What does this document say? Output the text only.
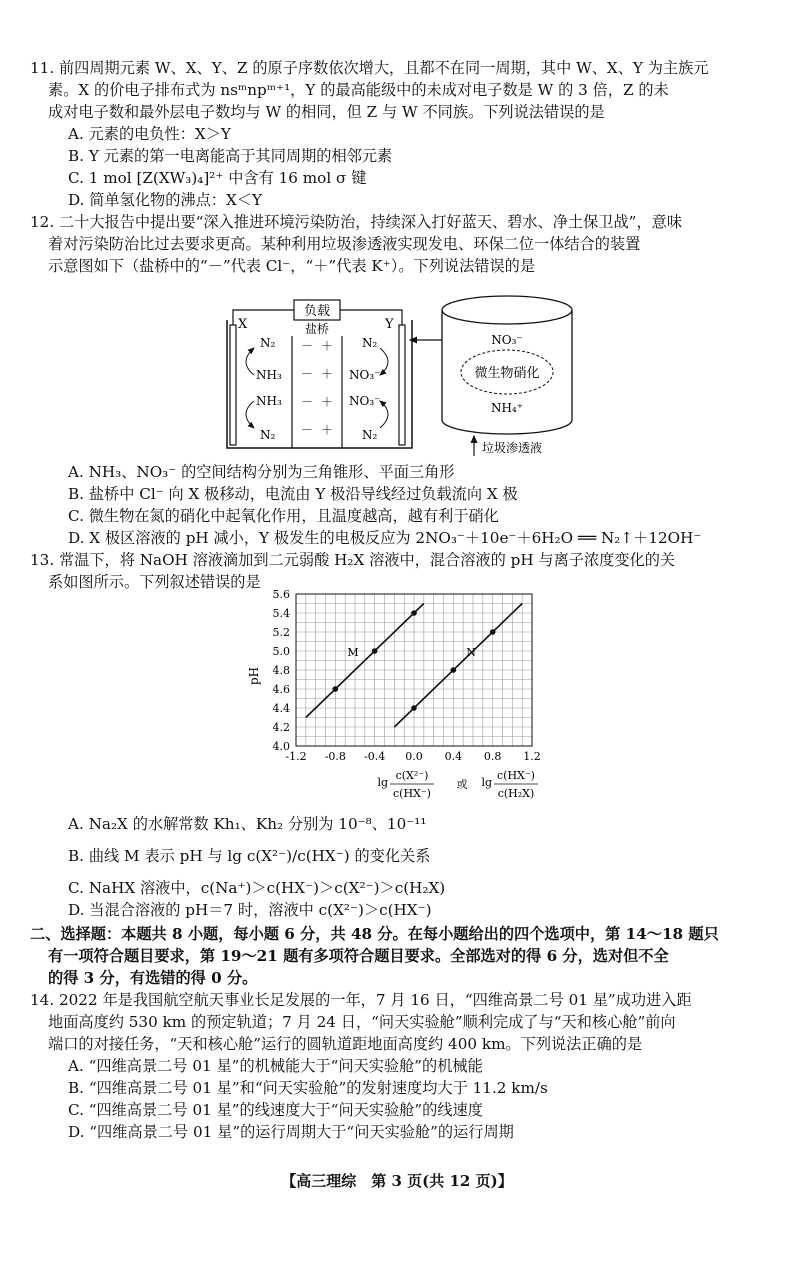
11. 前四周期元素 W、X、Y、Z 的原子序数依次增大，且都不在同一周期，其中 W、X、Y 为主族元
素。X 的价电子排布式为 nsᵐnpᵐ⁺¹，Y 的最高能级中的未成对电子数是 W 的 3 倍，Z 的未
成对电子数和最外层电子数均与 W 的相同，但 Z 与 W 不同族。下列说法错误的是
A. 元素的电负性：X＞Y
B. Y 元素的第一电离能高于其同周期的相邻元素
C. 1 mol [Z(XW₃)₄]²⁺ 中含有 16 mol σ 键
D. 简单氢化物的沸点：X＜Y
12. 二十大报告中提出要“深入推进环境污染防治，持续深入打好蓝天、碧水、净土保卫战”，意味
着对污染防治比过去要求更高。某种利用垃圾渗透液实现发电、环保二位一体结合的装置
示意图如下（盐桥中的“－”代表 Cl⁻，“＋”代表 K⁺）。下列说法错误的是
负载
盐桥
X	Y
－ ＋
－ ＋
－ ＋
－ ＋
N₂
NH₃
NH₃
N₂
N₂
NO₃⁻
NO₃⁻
N₂
NO₃⁻
微生物硝化
NH₄⁺
垃圾渗透液
A. NH₃、NO₃⁻ 的空间结构分别为三角锥形、平面三角形
B. 盐桥中 Cl⁻ 向 X 极移动，电流由 Y 极沿导线经过负载流向 X 极
C. 微生物在氮的硝化中起氧化作用，且温度越高，越有利于硝化
D. X 极区溶液的 pH 减小，Y 极发生的电极反应为 2NO₃⁻＋10e⁻＋6H₂O ══ N₂↑＋12OH⁻
13. 常温下，将 NaOH 溶液滴加到二元弱酸 H₂X 溶液中，混合溶液的 pH 与离子浓度变化的关
系如图所示。下列叙述错误的是
-1.2 -0.8 -0.4 0.0 0.4 0.8 1.2
4.0
4.2
4.4
4.6
4.8
5.0
5.2
5.4
5.6
M	N
pH
lg
c(X²⁻)
c(HX⁻)
或 lg
c(HX⁻)
c(H₂X)
A. Na₂X 的水解常数 Kh₁、Kh₂ 分别为 10⁻⁸、10⁻¹¹
B. 曲线 M 表示 pH 与 lg c(X²⁻)/c(HX⁻) 的变化关系
C. NaHX 溶液中，c(Na⁺)＞c(HX⁻)＞c(X²⁻)＞c(H₂X)
D. 当混合溶液的 pH＝7 时，溶液中 c(X²⁻)＞c(HX⁻)
二、选择题：本题共 8 小题，每小题 6 分，共 48 分。在每小题给出的四个选项中，第 14～18 题只
有一项符合题目要求，第 19～21 题有多项符合题目要求。全部选对的得 6 分，选对但不全
的得 3 分，有选错的得 0 分。
14. 2022 年是我国航空航天事业长足发展的一年，7 月 16 日，“四维高景二号 01 星”成功进入距
地面高度约 530 km 的预定轨道；7 月 24 日，“问天实验舱”顺利完成了与“天和核心舱”前向
端口的对接任务，“天和核心舱”运行的圆轨道距地面高度约 400 km。下列说法正确的是
A. “四维高景二号 01 星”的机械能大于“问天实验舱”的机械能
B. “四维高景二号 01 星”和“问天实验舱”的发射速度均大于 11.2 km/s
C. “四维高景二号 01 星”的线速度大于“问天实验舱”的线速度
D. “四维高景二号 01 星”的运行周期大于“问天实验舱”的运行周期
【高三理综　第 3 页(共 12 页)】
